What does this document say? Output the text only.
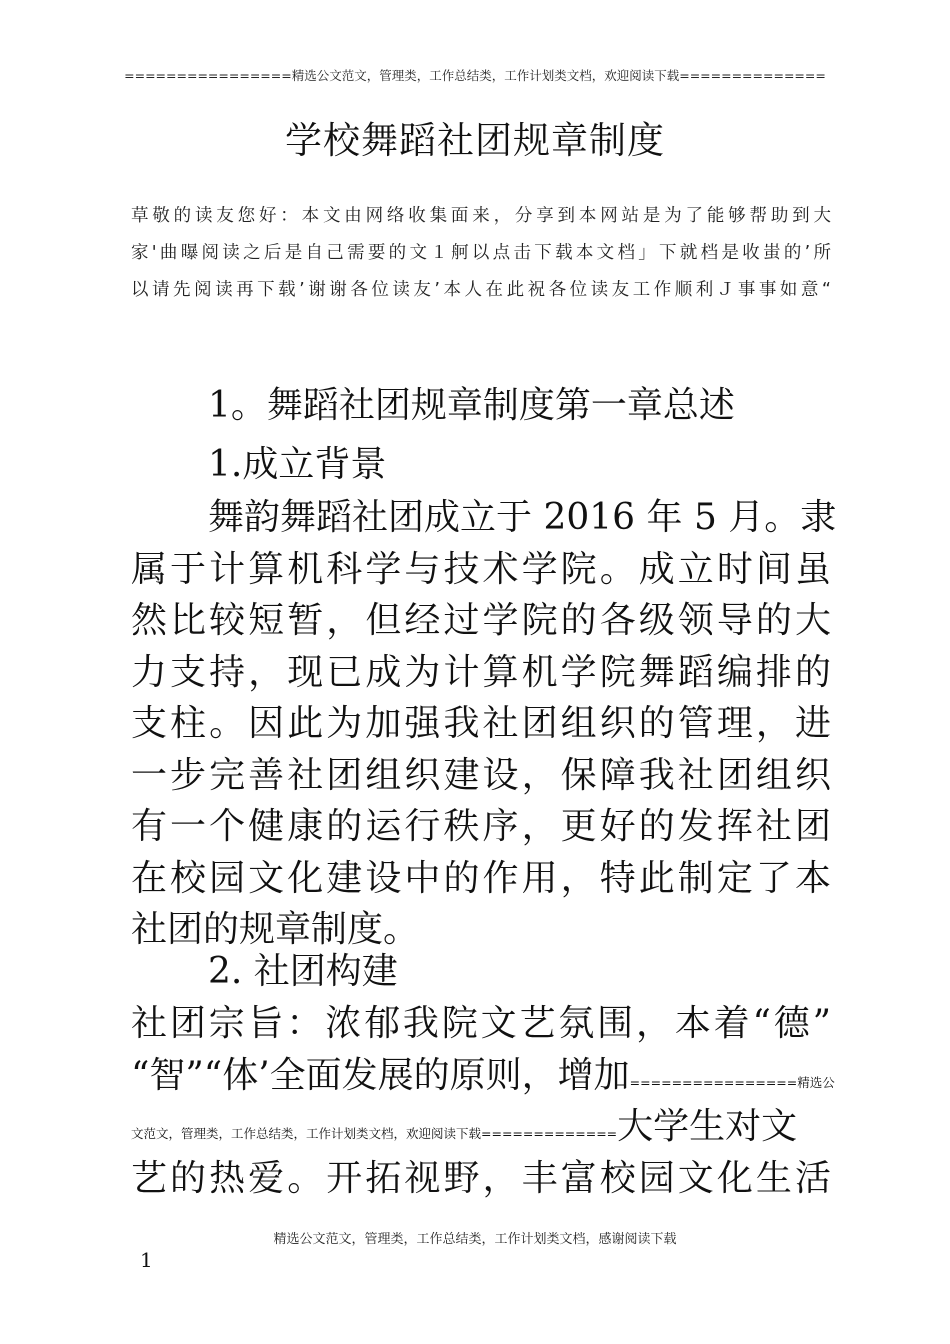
================精选公文范文，管理类，工作总结类，工作计划类文档，欢迎阅读下载==============
学校舞蹈社团规章制度
草敬的读友您好：本文由网络收集面来，分享到本网站是为了能够帮助到大
家'曲曝阅读之后是自己需要的文１舸以点击下载本文档」下就档是收蚩的’所
以请先阅读再下载’谢谢各位读友’本人在此祝各位读友工作顺利Ｊ事事如意“
1。舞蹈社团规章制度第一章总述
1.成立背景
舞韵舞蹈社团成立于 2016 年 5 月。隶
属于计算机科学与技术学院。成立时间虽
然比较短暂，但经过学院的各级领导的大
力支持，现已成为计算机学院舞蹈编排的
支柱。因此为加强我社团组织的管理，进
一步完善社团组织建设，保障我社团组织
有一个健康的运行秩序，更好的发挥社团
在校园文化建设中的作用，特此制定了本
社团的规章制度。
2. 社团构建
社团宗旨：浓郁我院文艺氛围，本着“德”
“智”“体’全面发展的原则，增加================精选公
文范文，管理类，工作总结类，工作计划类文档，欢迎阅读下载=============大学生对文
艺的热爱。开拓视野，丰富校园文化生活
精选公文范文，管理类，工作总结类，工作计划类文档，感谢阅读下载
1
